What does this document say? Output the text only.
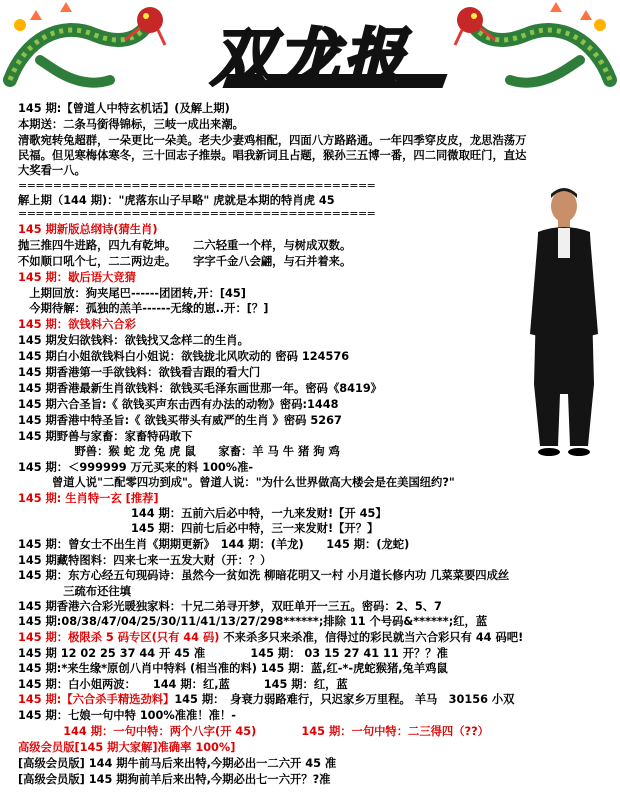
双龙报
145 期:【曾道人中特玄机话】(及解上期)
本期送：二条马銜得锦标，三岐一成出来潮。
清歌宛转兔超群，一朵更比一朵美。老夫少妻鸡相配，四面八方路路通。一年四季穿皮皮，龙思浩荡万
民福。但见寒梅体寒冬，三十回志子推崇。唱我新词且占题，猴孙三五博一番，四二同微取旺门，直达
大奖看一八。
=========================================
解上期（144 期)："虎落东山子早略" 虎就是本期的特肖虎 45
=========================================
145 期新版总纲诗(猜生肖)
抛三推四牛进路，四九有乾坤。　　二六轻重一个样，与树成双数。
不如顺口吼个七，二二两边走。　　字字千金八会翩，与石并着来。
145 期：歇后语大竞猜
　上期回放：狗夹尾巴------团团转,开：[45]
　今期待解：孤独的羔羊------无缘的崽..开：[？]
145 期：欲钱料六合彩
145 期发妇欲钱料：欲钱找又念样二的生肖。
145 期白小姐欲钱料白小姐说：欲钱拢北风吹动的 密码 124576
145 期香港第一手欲钱料：欲钱看吉跟的看大门
145 期香港最新生肖欲钱料：欲钱买毛泽东画世那一年。密码《8419》
145 期六合圣旨:《 欲钱买声东击西有办法的动物》密码:1448
145 期香港中特圣旨:《 欲钱买带头有威严的生肖 》密码 5267
145 期野兽与家畜：家畜特码敢下
　　　　　野兽：猴 蛇 龙 兔 虎 鼠　　家畜：羊 马 牛 猪 狗 鸡
145 期：＜999999 万元买来的料 100%准-
　　　曾道人说"二配零四功到成"。曾道人说："为什么世界做高大楼会是在美国纽约?"
145 期: 生肖特一玄 [推荐]
　　　　　　　　　　144 期：五前六后必中特，一九来发财!【开 45】
　　　　　　　　　　145 期：四前七后必中特，三一来发财!【开？】
145 期：曾女士不出生肖《期期更新》　144 期：(羊龙)　　145 期：(龙蛇)
145 期藏特图料：四来七来一五发大财（开：？）
145 期：东方心经五句现码诗：虽然今一贫如洗 柳暗花明又一村 小月道长修内功 几菜菜要四成丝
　　　　三疏布还往填
145 期香港六合彩光暖独家料：十兄二弟寻开梦，双旺单开一三五。密码：2、5、7
145 期:08/38/47/04/25/30/11/41/13/27/298******;排除 11 个号码&******;红，蓝
145 期：极限杀 5 码专区(只有 44 码) 不来杀多只来杀准，信得过的彩民就当六合彩只有 44 码吧!
145 期 12 02 25 37 44 开 45 准　　　　145 期： 03 15 27 41 11 开？？准
145 期:*来生缘*原创八肖中特料 (相当准的料) 145 期：蓝,红-*-虎蛇猴猪,兔羊鸡鼠
145 期：白小姐两波：　　144 期：红,蓝　　　145 期：红，蓝
145 期:【六合杀手精选劲料】145 期：　身衰力弱路难行，只迟家乡万里程。 羊马　30156 小双
145 期：七娘一句中特 100%准准！准！-
　　　　144 期：一句中特：两个八字(开 45)　　　　145 期：一句中特：二三得四（??）
高级会员版[145 期大家解]准确率 100%]
[高级会员版] 144 期牛前马后来出特,今期必出一二六开 45 准
[高级会员版] 145 期狗前羊后来出特,今期必出七一六开？?准
